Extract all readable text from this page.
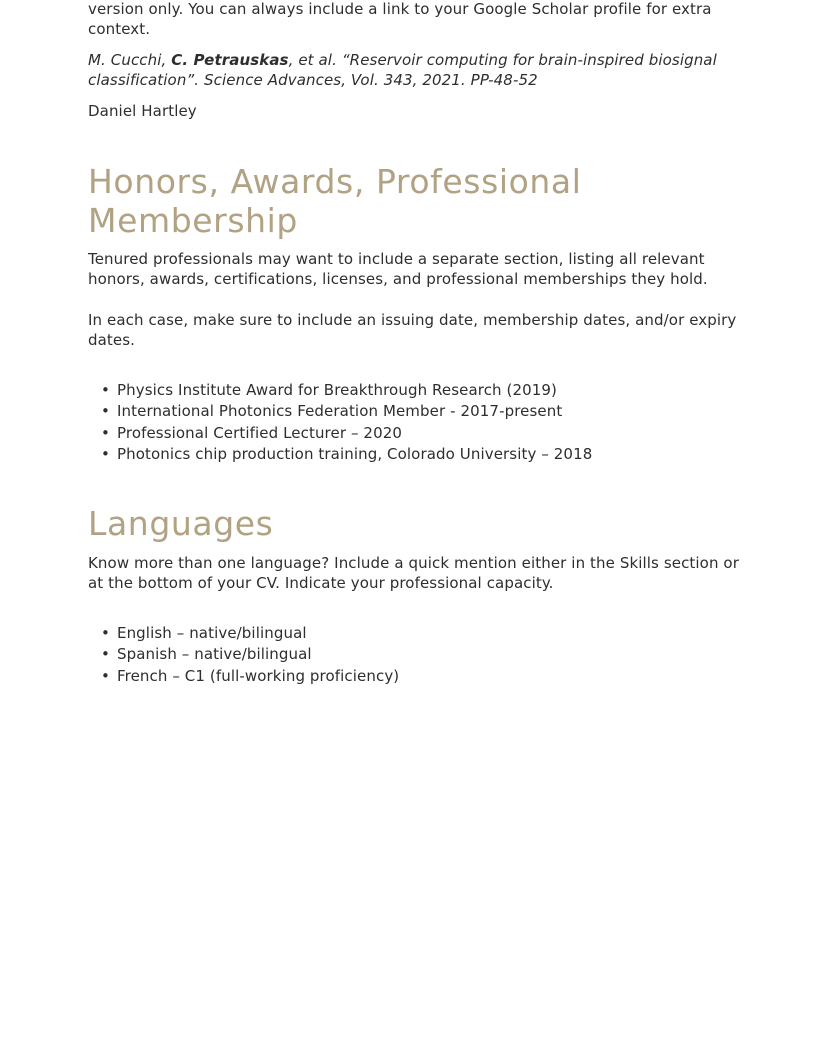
version only. You can always include a link to your Google Scholar profile for extra context.

M. Cucchi, C. Petrauskas, et al. “Reservoir computing for brain-inspired biosignal classification”. Science Advances, Vol. 343, 2021. PP-48-52

Daniel Hartley

Honors, Awards, Professional Membership

Tenured professionals may want to include a separate section, listing all relevant honors, awards, certifications, licenses, and professional memberships they hold.

In each case, make sure to include an issuing date, membership dates, and/or expiry dates.

• Physics Institute Award for Breakthrough Research (2019)
• International Photonics Federation Member - 2017-present
• Professional Certified Lecturer – 2020
• Photonics chip production training, Colorado University – 2018
Languages

Know more than one language? Include a quick mention either in the Skills section or at the bottom of your CV. Indicate your professional capacity.

• English – native/bilingual
• Spanish – native/bilingual
• French – C1 (full-working proficiency)
